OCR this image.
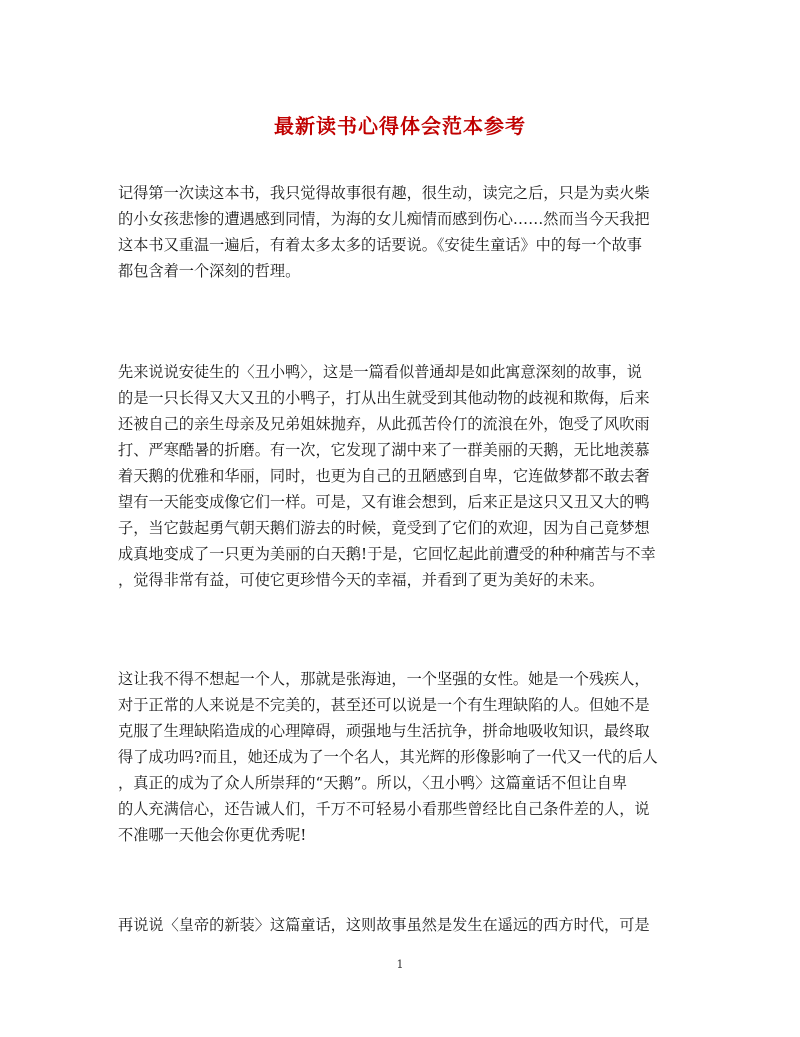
最新读书心得体会范本参考
记得第一次读这本书，我只觉得故事很有趣，很生动，读完之后，只是为卖火柴
的小女孩悲惨的遭遇感到同情，为海的女儿痴情而感到伤心……然而当今天我把
这本书又重温一遍后，有着太多太多的话要说。《安徒生童话》中的每一个故事
都包含着一个深刻的哲理。
先来说说安徒生的〈丑小鸭〉，这是一篇看似普通却是如此寓意深刻的故事，说
的是一只长得又大又丑的小鸭子，打从出生就受到其他动物的歧视和欺侮，后来
还被自己的亲生母亲及兄弟姐妹抛弃，从此孤苦伶仃的流浪在外，饱受了风吹雨
打、严寒酷暑的折磨。有一次，它发现了湖中来了一群美丽的天鹅，无比地羡慕
着天鹅的优雅和华丽，同时，也更为自己的丑陋感到自卑，它连做梦都不敢去奢
望有一天能变成像它们一样。可是，又有谁会想到，后来正是这只又丑又大的鸭
子，当它鼓起勇气朝天鹅们游去的时候，竟受到了它们的欢迎，因为自己竟梦想
成真地变成了一只更为美丽的白天鹅!于是，它回忆起此前遭受的种种痛苦与不幸
，觉得非常有益，可使它更珍惜今天的幸福，并看到了更为美好的未来。
这让我不得不想起一个人，那就是张海迪，一个坚强的女性。她是一个残疾人，
对于正常的人来说是不完美的，甚至还可以说是一个有生理缺陷的人。但她不是
克服了生理缺陷造成的心理障碍，顽强地与生活抗争，拼命地吸收知识，最终取
得了成功吗?而且，她还成为了一个名人，其光辉的形像影响了一代又一代的后人
，真正的成为了众人所崇拜的“天鹅”。所以，〈丑小鸭〉这篇童话不但让自卑
的人充满信心，还告诫人们，千万不可轻易小看那些曾经比自己条件差的人，说
不准哪一天他会你更优秀呢!
再说说〈皇帝的新装〉这篇童话，这则故事虽然是发生在遥远的西方时代，可是
1
